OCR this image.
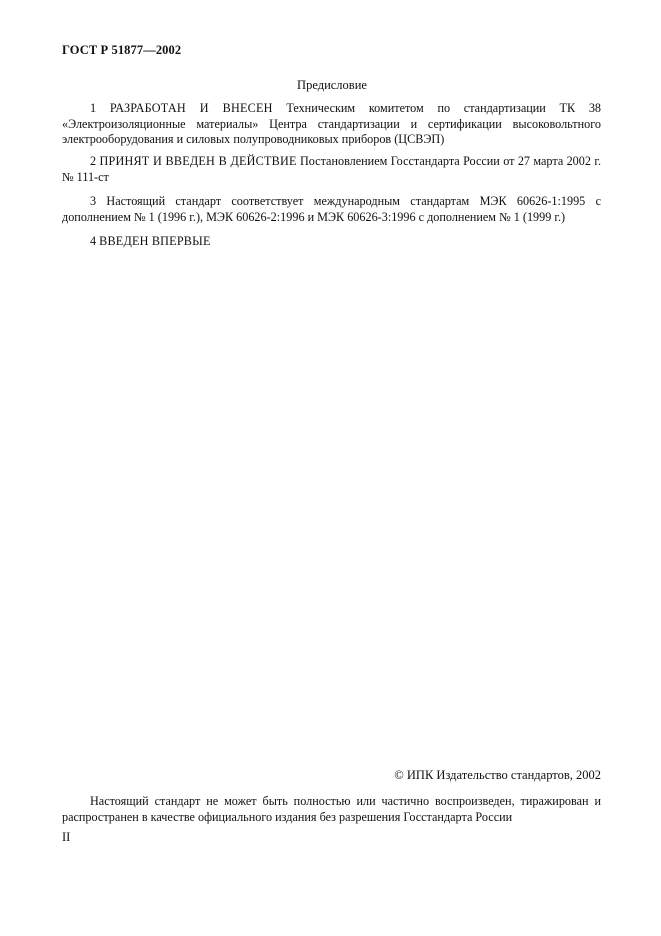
ГОСТ Р 51877—2002
Предисловие

1 РАЗРАБОТАН И ВНЕСЕН Техническим комитетом по стандартизации ТК 38 «Электроизоляционные материалы» Центра стандартизации и сертификации высоковольтного электрооборудования и силовых полупроводниковых приборов (ЦСВЭП)

2 ПРИНЯТ И ВВЕДЕН В ДЕЙСТВИЕ Постановлением Госстандарта России от 27 марта 2002 г. № 111-ст

3 Настоящий стандарт соответствует международным стандартам МЭК 60626-1:1995 с дополнением № 1 (1996 г.), МЭК 60626-2:1996 и МЭК 60626-3:1996 с дополнением № 1 (1999 г.)

4 ВВЕДЕН ВПЕРВЫЕ

© ИПК Издательство стандартов, 2002

Настоящий стандарт не может быть полностью или частично воспроизведен, тиражирован и распространен в качестве официального издания без разрешения Госстандарта России

II
